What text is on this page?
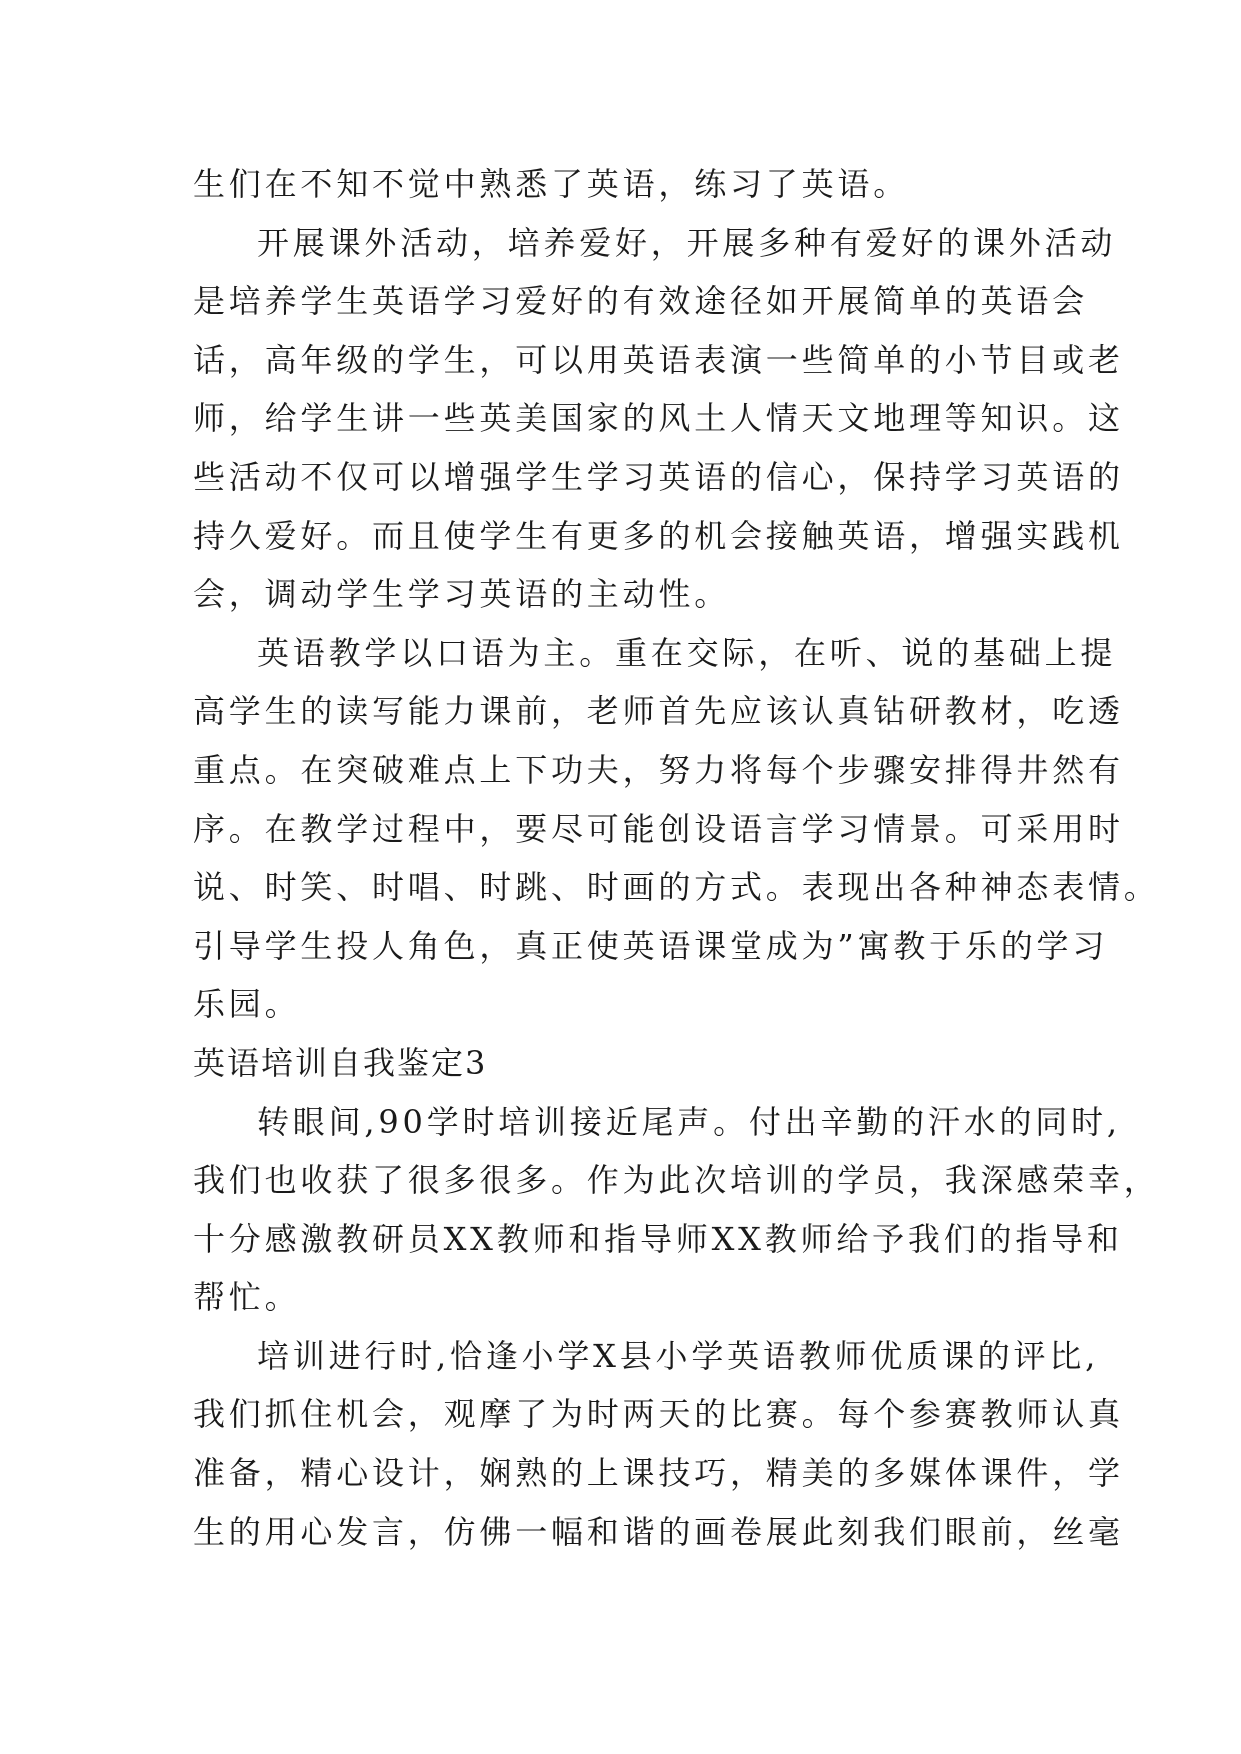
生们在不知不觉中熟悉了英语，练习了英语。
开展课外活动，培养爱好，开展多种有爱好的课外活动
是培养学生英语学习爱好的有效途径如开展简单的英语会
话，高年级的学生，可以用英语表演一些简单的小节目或老
师，给学生讲一些英美国家的风土人情天文地理等知识。这
些活动不仅可以增强学生学习英语的信心，保持学习英语的
持久爱好。而且使学生有更多的机会接触英语，增强实践机
会，调动学生学习英语的主动性。
英语教学以口语为主。重在交际，在听、说的基础上提
高学生的读写能力课前，老师首先应该认真钻研教材，吃透
重点。在突破难点上下功夫，努力将每个步骤安排得井然有
序。在教学过程中，要尽可能创设语言学习情景。可采用时
说、时笑、时唱、时跳、时画的方式。表现出各种神态表情。
引导学生投人角色，真正使英语课堂成为”寓教于乐的学习
乐园。
英语培训自我鉴定3
转眼间,90学时培训接近尾声。付出辛勤的汗水的同时,
我们也收获了很多很多。作为此次培训的学员，我深感荣幸，
十分感激教研员XX教师和指导师XX教师给予我们的指导和
帮忙。
培训进行时,恰逢小学X县小学英语教师优质课的评比,
我们抓住机会，观摩了为时两天的比赛。每个参赛教师认真
准备，精心设计，娴熟的上课技巧，精美的多媒体课件，学
生的用心发言，仿佛一幅和谐的画卷展此刻我们眼前，丝毫
